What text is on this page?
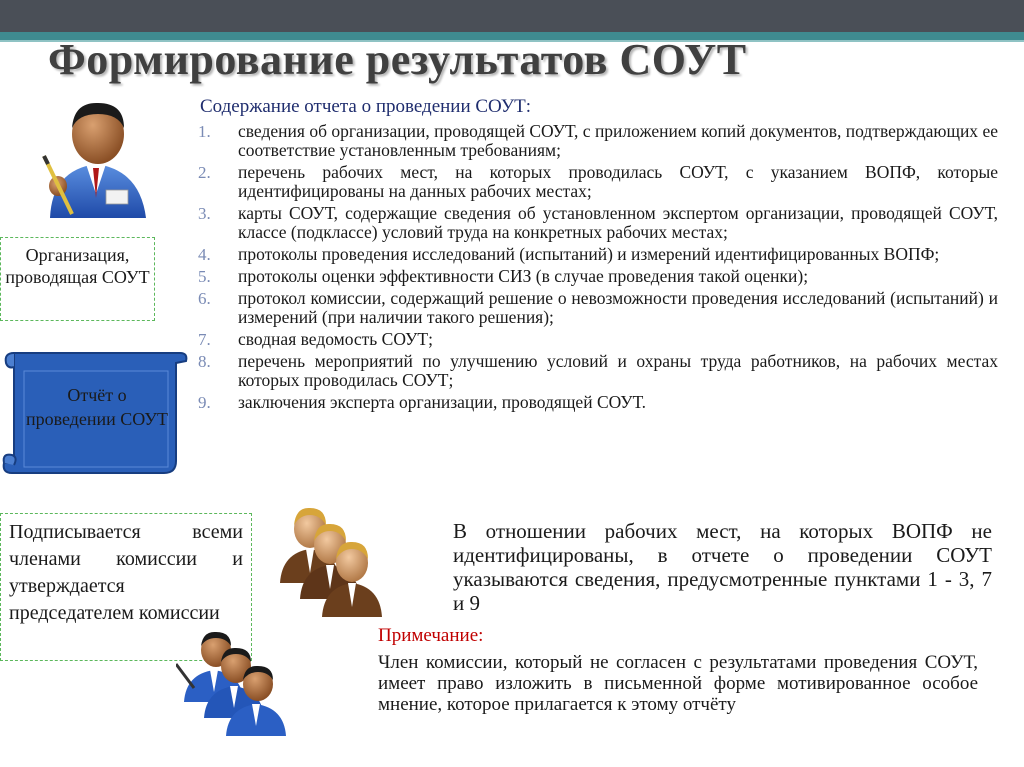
Формирование результатов СОУТ
Содержание отчета о проведении СОУТ:
1. сведения об организации, проводящей СОУТ, с приложением копий документов, подтверждающих ее соответствие установленным требованиям;
2. перечень рабочих мест, на которых проводилась СОУТ, с указанием ВОПФ, которые идентифицированы на данных рабочих местах;
3. карты СОУТ, содержащие сведения об установленном экспертом организации, проводящей СОУТ, классе (подклассе) условий труда на конкретных рабочих местах;
4. протоколы проведения исследований (испытаний) и измерений идентифицированных ВОПФ;
5. протоколы оценки эффективности СИЗ (в случае проведения такой оценки);
6. протокол комиссии, содержащий решение о невозможности проведения исследований (испытаний) и измерений (при наличии такого решения);
7. сводная ведомость СОУТ;
8. перечень мероприятий по улучшению условий и охраны труда работников, на рабочих местах которых проводилась СОУТ;
9. заключения эксперта организации, проводящей СОУТ.
Организация, проводящая СОУТ
Отчёт о проведении СОУТ
Подписывается всеми членами комиссии и утверждается председателем комиссии
В отношении рабочих мест, на которых ВОПФ не идентифицированы, в отчете о проведении СОУТ указываются сведения, предусмотренные пунктами 1 - 3, 7 и 9
Примечание:
Член комиссии, который не согласен с результатами проведения СОУТ, имеет право изложить в письменной форме мотивированное особое мнение, которое прилагается к этому отчёту
